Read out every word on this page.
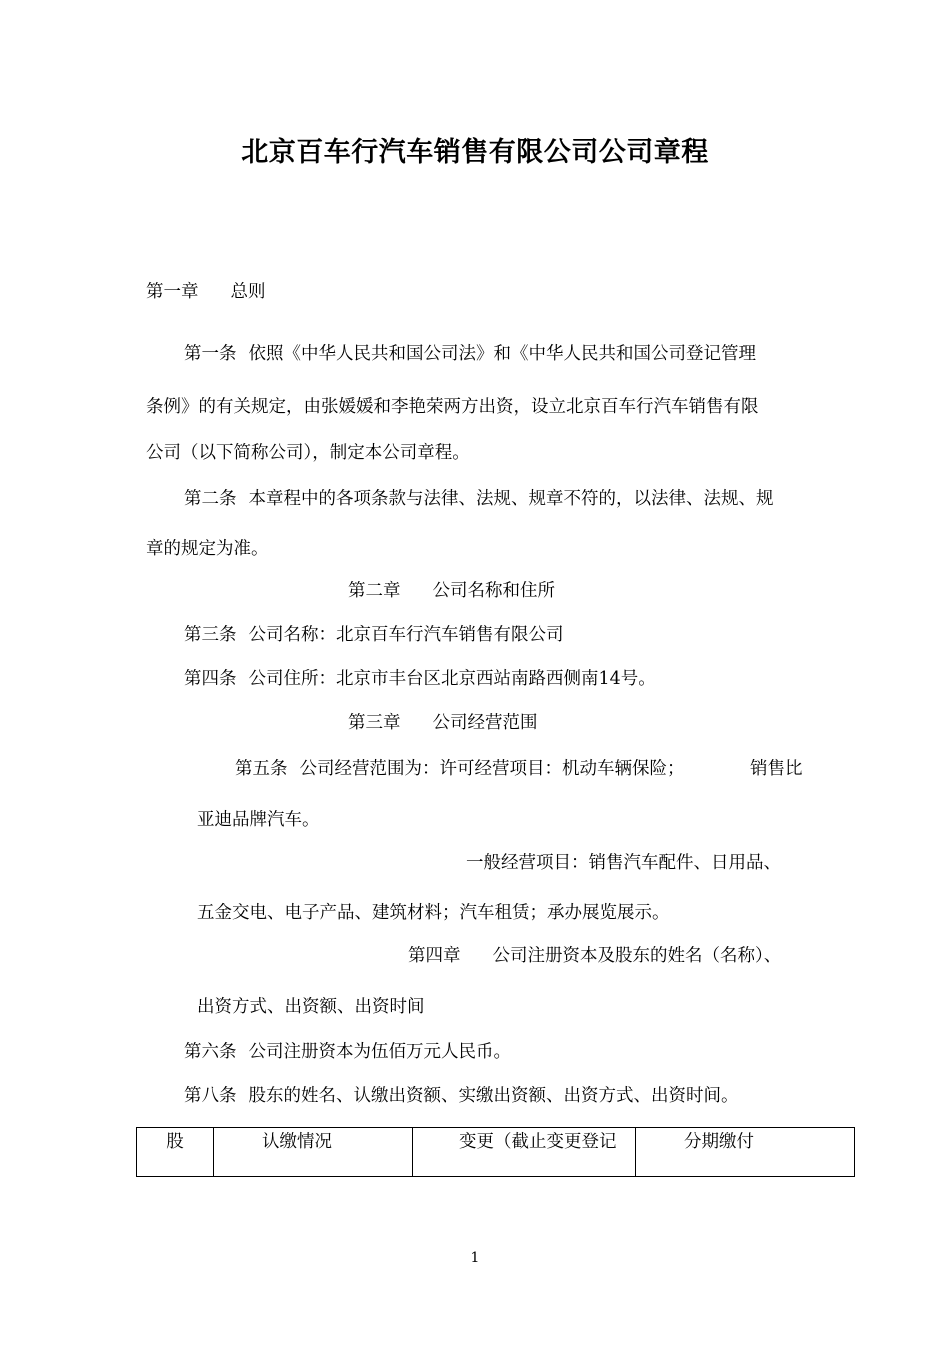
北京百车行汽车销售有限公司公司章程
第一章 总则
第一条 依照《中华人民共和国公司法》和《中华人民共和国公司登记管理
条例》的有关规定，由张媛媛和李艳荣两方出资，设立北京百车行汽车销售有限
公司（以下简称公司），制定本公司章程。
第二条 本章程中的各项条款与法律、法规、规章不符的，以法律、法规、规
章的规定为准。
第二章 公司名称和住所
第三条 公司名称：北京百车行汽车销售有限公司
第四条 公司住所：北京市丰台区北京西站南路西侧南14号。
第三章 公司经营范围
第五条 公司经营范围为：许可经营项目：机动车辆保险；	销售比
亚迪品牌汽车。
一般经营项目：销售汽车配件、日用品、
五金交电、电子产品、建筑材料；汽车租赁；承办展览展示。
第四章 公司注册资本及股东的姓名（名称）、
出资方式、出资额、出资时间
第六条 公司注册资本为伍佰万元人民币。
第八条 股东的姓名、认缴出资额、实缴出资额、出资方式、出资时间。
股	认缴情况	变更（截止变更登记	分期缴付
1
